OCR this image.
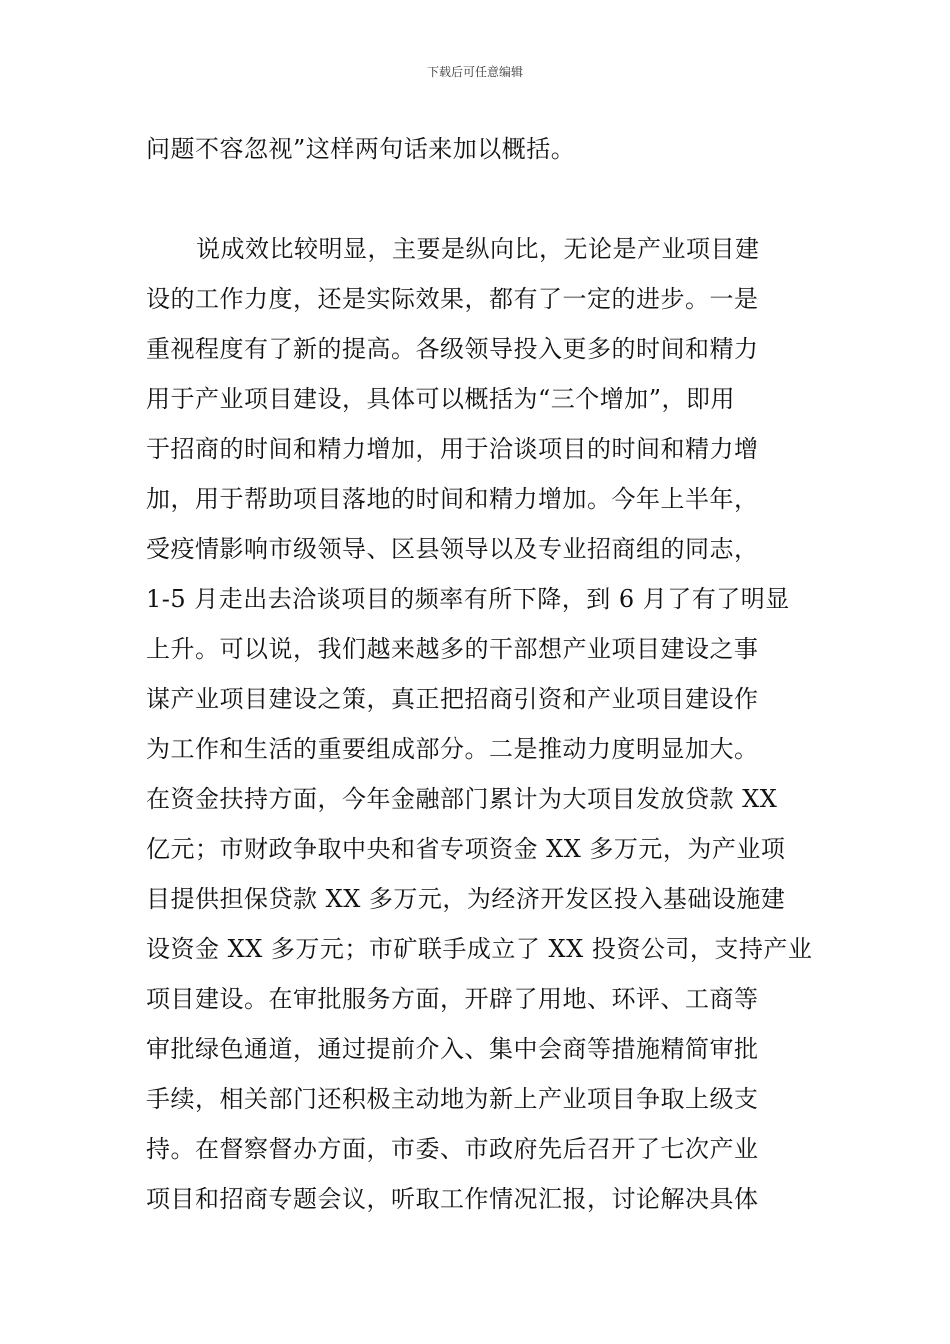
下载后可任意编辑
问题不容忽视”这样两句话来加以概括。
说成效比较明显，主要是纵向比，无论是产业项目建
设的工作力度，还是实际效果，都有了一定的进步。一是
重视程度有了新的提高。各级领导投入更多的时间和精力
用于产业项目建设，具体可以概括为“三个增加”，即用
于招商的时间和精力增加，用于洽谈项目的时间和精力增
加，用于帮助项目落地的时间和精力增加。今年上半年，
受疫情影响市级领导、区县领导以及专业招商组的同志，
1-5 月走出去洽谈项目的频率有所下降，到 6 月了有了明显
上升。可以说，我们越来越多的干部想产业项目建设之事
谋产业项目建设之策，真正把招商引资和产业项目建设作
为工作和生活的重要组成部分。二是推动力度明显加大。
在资金扶持方面，今年金融部门累计为大项目发放贷款 XX
亿元；市财政争取中央和省专项资金 XX 多万元，为产业项
目提供担保贷款 XX 多万元，为经济开发区投入基础设施建
设资金 XX 多万元；市矿联手成立了 XX 投资公司，支持产业
项目建设。在审批服务方面，开辟了用地、环评、工商等
审批绿色通道，通过提前介入、集中会商等措施精简审批
手续，相关部门还积极主动地为新上产业项目争取上级支
持。在督察督办方面，市委、市政府先后召开了七次产业
项目和招商专题会议，听取工作情况汇报，讨论解决具体
